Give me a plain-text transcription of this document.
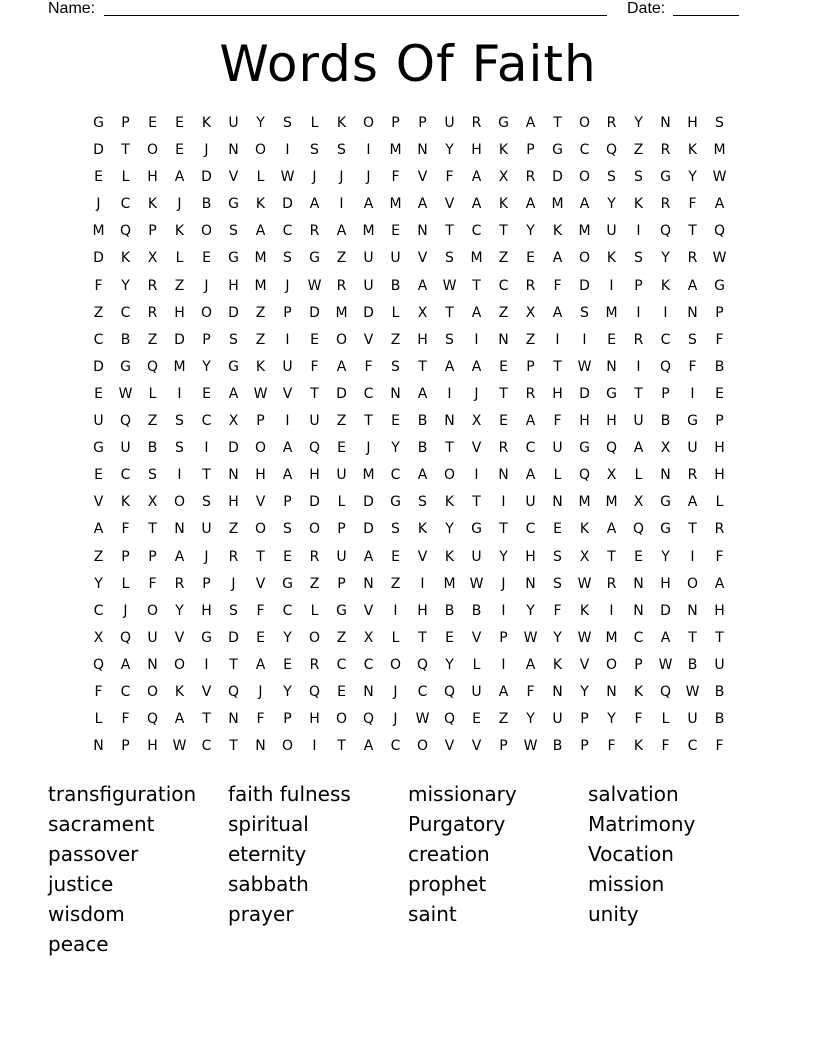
Name:	Date:
Words Of Faith
G	P	E	E	K	U	Y	S	L	K	O	P	P	U	R	G	A	T	O	R	Y	N	H	S
D	T	O	E	J	N	O	I	S	S	I	M	N	Y	H	K	P	G	C	Q	Z	R	K	M
E	L	H	A	D	V	L	W	J	J	J	F	V	F	A	X	R	D	O	S	S	G	Y	W
J	C	K	J	B	G	K	D	A	I	A	M	A	V	A	K	A	M	A	Y	K	R	F	A
M	Q	P	K	O	S	A	C	R	A	M	E	N	T	C	T	Y	K	M	U	I	Q	T	Q
D	K	X	L	E	G	M	S	G	Z	U	U	V	S	M	Z	E	A	O	K	S	Y	R	W
F	Y	R	Z	J	H	M	J	W	R	U	B	A	W	T	C	R	F	D	I	P	K	A	G
Z	C	R	H	O	D	Z	P	D	M	D	L	X	T	A	Z	X	A	S	M	I	I	N	P
C	B	Z	D	P	S	Z	I	E	O	V	Z	H	S	I	N	Z	I	I	E	R	C	S	F
D	G	Q	M	Y	G	K	U	F	A	F	S	T	A	A	E	P	T	W	N	I	Q	F	B
E	W	L	I	E	A	W	V	T	D	C	N	A	I	J	T	R	H	D	G	T	P	I	E
U	Q	Z	S	C	X	P	I	U	Z	T	E	B	N	X	E	A	F	H	H	U	B	G	P
G	U	B	S	I	D	O	A	Q	E	J	Y	B	T	V	R	C	U	G	Q	A	X	U	H
E	C	S	I	T	N	H	A	H	U	M	C	A	O	I	N	A	L	Q	X	L	N	R	H
V	K	X	O	S	H	V	P	D	L	D	G	S	K	T	I	U	N	M	M	X	G	A	L
A	F	T	N	U	Z	O	S	O	P	D	S	K	Y	G	T	C	E	K	A	Q	G	T	R
Z	P	P	A	J	R	T	E	R	U	A	E	V	K	U	Y	H	S	X	T	E	Y	I	F
Y	L	F	R	P	J	V	G	Z	P	N	Z	I	M	W	J	N	S	W	R	N	H	O	A
C	J	O	Y	H	S	F	C	L	G	V	I	H	B	B	I	Y	F	K	I	N	D	N	H
X	Q	U	V	G	D	E	Y	O	Z	X	L	T	E	V	P	W	Y	W	M	C	A	T	T
Q	A	N	O	I	T	A	E	R	C	C	O	Q	Y	L	I	A	K	V	O	P	W	B	U
F	C	O	K	V	Q	J	Y	Q	E	N	J	C	Q	U	A	F	N	Y	N	K	Q	W	B
L	F	Q	A	T	N	F	P	H	O	Q	J	W	Q	E	Z	Y	U	P	Y	F	L	U	B
N	P	H	W	C	T	N	O	I	T	A	C	O	V	V	P	W	B	P	F	K	F	C	F
transfiguration	faith fulness	missionary	salvation
sacrament	spiritual	Purgatory	Matrimony
passover	eternity	creation	Vocation
justice	sabbath	prophet	mission
wisdom	prayer	saint	unity
peace
